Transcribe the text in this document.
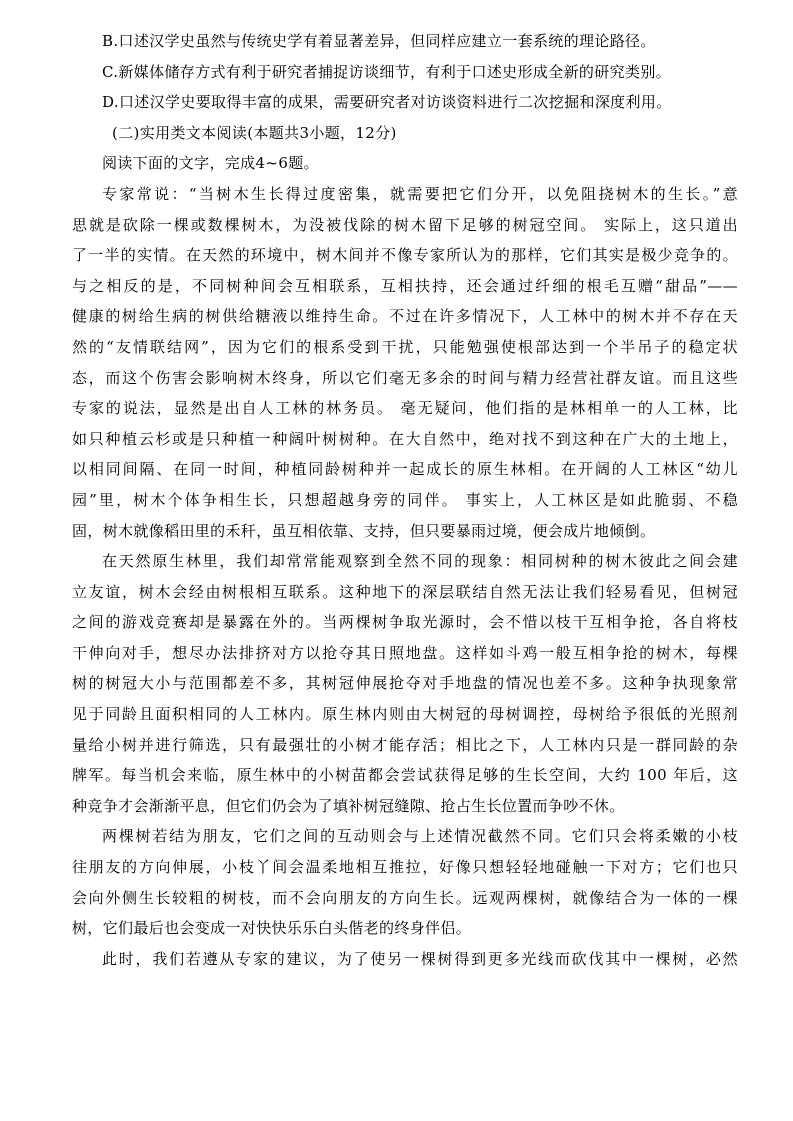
B.口述汉学史虽然与传统史学有着显著差异，但同样应建立一套系统的理论路径。
C.新媒体储存方式有利于研究者捕捉访谈细节，有利于口述史形成全新的研究类别。
D.口述汉学史要取得丰富的成果，需要研究者对访谈资料进行二次挖掘和深度利用。
(二)实用类文本阅读(本题共3小题，12分)
阅读下面的文字，完成4~6题。
专家常说：“当树木生长得过度密集，就需要把它们分开，以免阻挠树木的生长。”意
思就是砍除一棵或数棵树木，为没被伐除的树木留下足够的树冠空间。 实际上，这只道出
了一半的实情。在天然的环境中，树木间并不像专家所认为的那样，它们其实是极少竞争的。
与之相反的是，不同树种间会互相联系，互相扶持，还会通过纤细的根毛互赠“甜品”——
健康的树给生病的树供给糖液以维持生命。不过在许多情况下，人工林中的树木并不存在天
然的“友情联结网”，因为它们的根系受到干扰，只能勉强使根部达到一个半吊子的稳定状
态，而这个伤害会影响树木终身，所以它们毫无多余的时间与精力经营社群友谊。而且这些
专家的说法，显然是出自人工林的林务员。 毫无疑问，他们指的是林相单一的人工林，比
如只种植云杉或是只种植一种阔叶树树种。在大自然中，绝对找不到这种在广大的土地上，
以相同间隔、在同一时间，种植同龄树种并一起成长的原生林相。在开阔的人工林区“幼儿
园”里，树木个体争相生长，只想超越身旁的同伴。 事实上，人工林区是如此脆弱、不稳
固，树木就像稻田里的禾秆，虽互相依靠、支持，但只要暴雨过境，便会成片地倾倒。
在天然原生林里，我们却常常能观察到全然不同的现象：相同树种的树木彼此之间会建
立友谊，树木会经由树根相互联系。这种地下的深层联结自然无法让我们轻易看见，但树冠
之间的游戏竞赛却是暴露在外的。当两棵树争取光源时，会不惜以枝干互相争抢，各自将枝
干伸向对手，想尽办法排挤对方以抢夺其日照地盘。这样如斗鸡一般互相争抢的树木，每棵
树的树冠大小与范围都差不多，其树冠伸展抢夺对手地盘的情况也差不多。这种争执现象常
见于同龄且面积相同的人工林内。原生林内则由大树冠的母树调控，母树给予很低的光照剂
量给小树并进行筛选，只有最强壮的小树才能存活；相比之下，人工林内只是一群同龄的杂
牌军。每当机会来临，原生林中的小树苗都会尝试获得足够的生长空间，大约 100 年后，这
种竞争才会渐渐平息，但它们仍会为了填补树冠缝隙、抢占生长位置而争吵不休。
两棵树若结为朋友，它们之间的互动则会与上述情况截然不同。它们只会将柔嫩的小枝
往朋友的方向伸展，小枝丫间会温柔地相互推拉，好像只想轻轻地碰触一下对方；它们也只
会向外侧生长较粗的树枝，而不会向朋友的方向生长。远观两棵树，就像结合为一体的一棵
树，它们最后也会变成一对快快乐乐白头偕老的终身伴侣。
此时，我们若遵从专家的建议，为了使另一棵树得到更多光线而砍伐其中一棵树，必然
